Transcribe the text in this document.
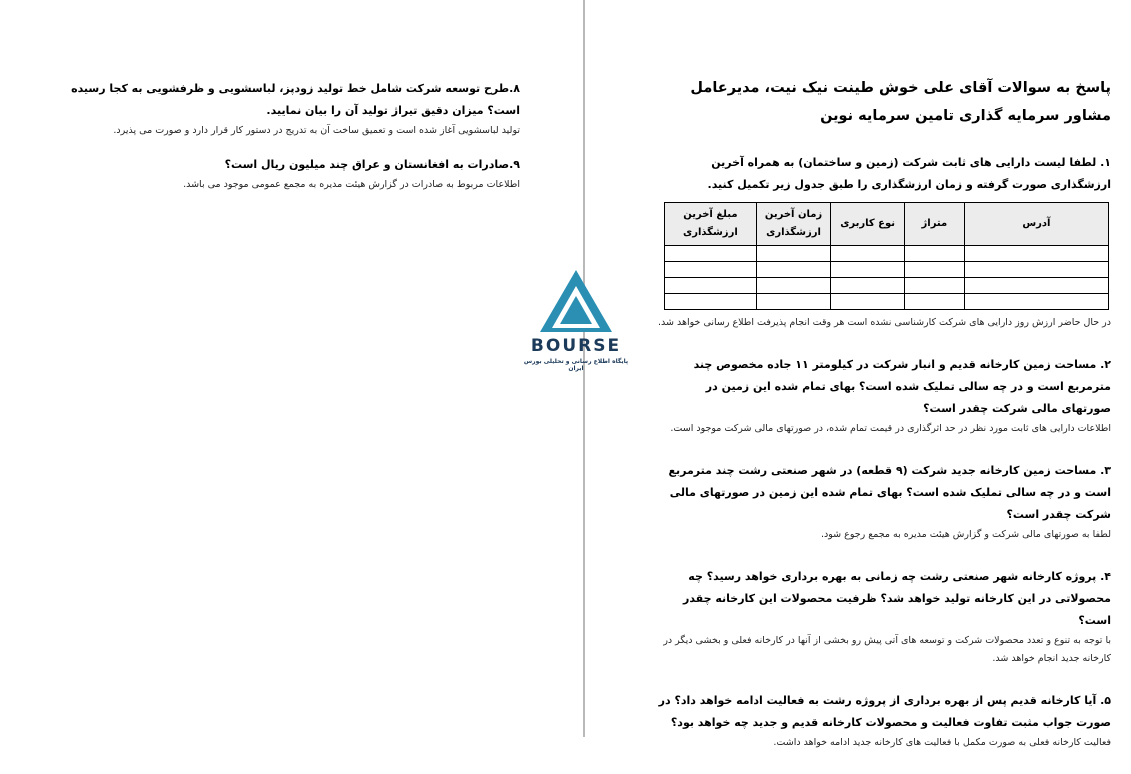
پاسخ به سوالات آقای علی خوش طینت نیک نیت، مدیرعامل مشاور سرمایه گذاری تامین سرمایه نوین

۱. لطفا لیست دارایی های ثابت شرکت (زمین و ساختمان) به همراه آخرین ارزشگذاری صورت گرفته و زمان ارزشگذاری را طبق جدول زیر تکمیل کنید.

آدرس	متراژ	نوع کاربری	زمان آخرین ارزشگذاری	مبلغ آخرین ارزشگذاری

در حال حاضر ارزش روز دارایی های شرکت کارشناسی نشده است هر وقت انجام پذیرفت اطلاع رسانی خواهد شد.

۲. مساحت زمین کارخانه قدیم و انبار شرکت در کیلومتر ۱۱ جاده مخصوص چند مترمربع است و در چه سالی تملیک شده است؟ بهای تمام شده این زمین در صورتهای مالی شرکت چقدر است؟

اطلاعات دارایی های ثابت مورد نظر در حد اثرگذاری در قیمت تمام شده، در صورتهای مالی شرکت موجود است.

۳. مساحت زمین کارخانه جدید شرکت (۹ قطعه) در شهر صنعتی رشت چند مترمربع است و در چه سالی تملیک شده است؟ بهای تمام شده این زمین در صورتهای مالی شرکت چقدر است؟

لطفا به صورتهای مالی شرکت و گزارش هیئت مدیره به مجمع رجوع شود.

۴. پروژه کارخانه شهر صنعتی رشت چه زمانی به بهره برداری خواهد رسید؟ چه محصولاتی در این کارخانه تولید خواهد شد؟ ظرفیت محصولات این کارخانه چقدر است؟

با توجه به تنوع و تعدد محصولات شرکت و توسعه های آتی پیش رو بخشی از آنها در کارخانه فعلی و بخشی دیگر در کارخانه جدید انجام خواهد شد.

۵. آیا کارخانه قدیم پس از بهره برداری از پروژه رشت به فعالیت ادامه خواهد داد؟ در صورت جواب مثبت تفاوت فعالیت و محصولات کارخانه قدیم و جدید چه خواهد بود؟

فعالیت کارخانه فعلی به صورت مکمل با فعالیت های کارخانه جدید ادامه خواهد داشت.

۸.طرح توسعه شرکت شامل خط تولید زودپز، لباسشویی و ظرفشویی به کجا رسیده است؟ میزان دقیق تیراژ تولید آن را بیان نمایید.

تولید لباسشویی آغاز شده است و تعمیق ساخت آن به تدریج در دستور کار قرار دارد و صورت می پذیرد.

۹.صادرات به افغانستان و عراق چند میلیون ریال است؟

اطلاعات مربوط به صادرات در گزارش هیئت مدیره به مجمع عمومی موجود می باشد.

BOURSE
پایگاه اطلاع رسانی و تحلیلی بورس ایران
